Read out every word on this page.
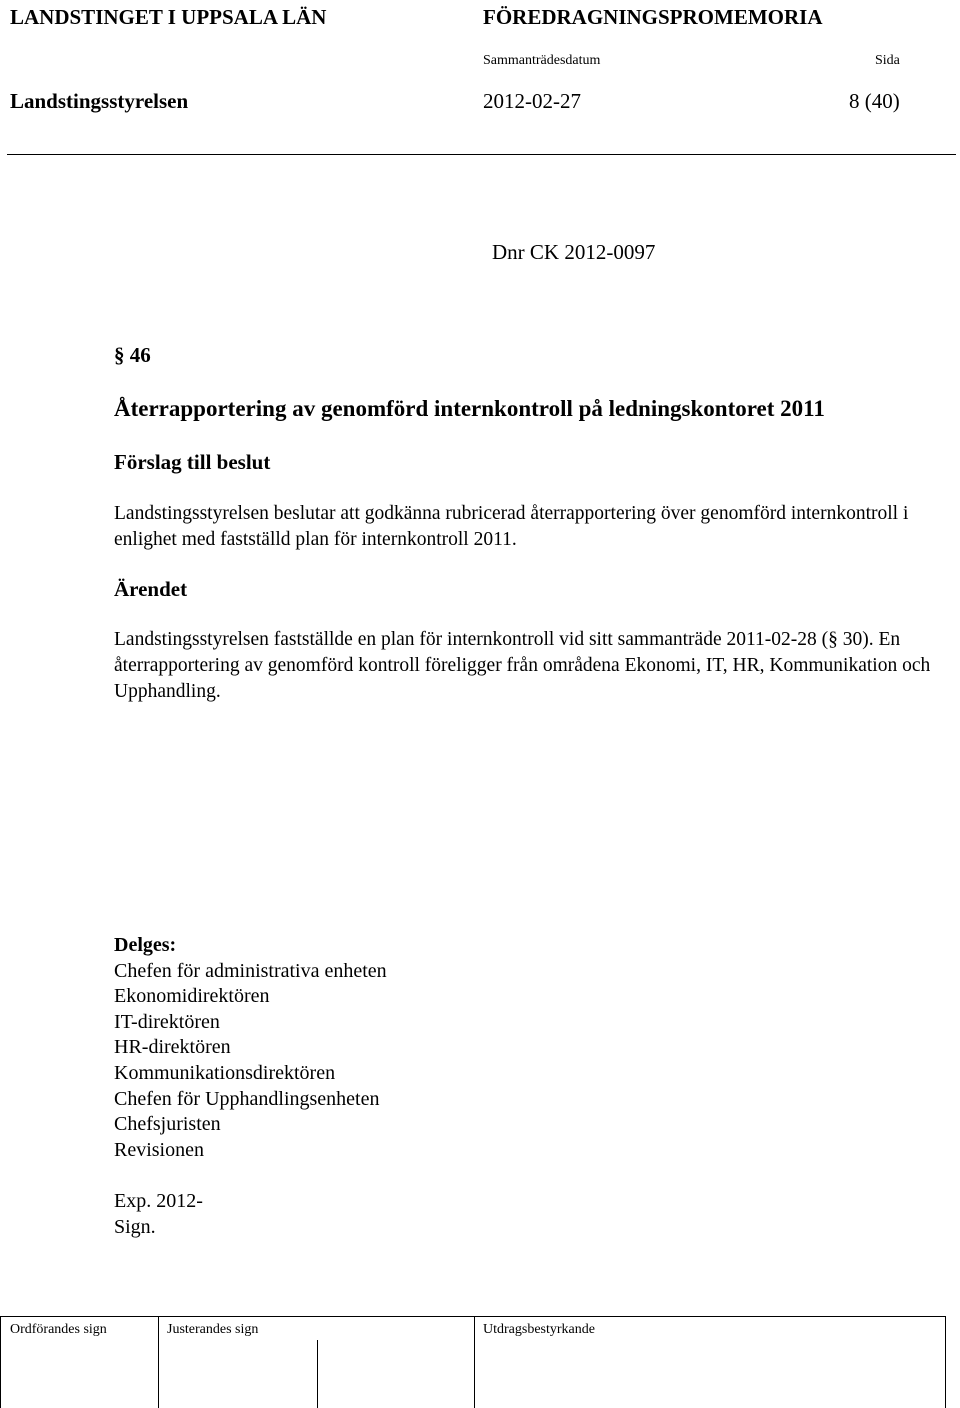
LANDSTINGET I UPPSALA LÄN	FÖREDRAGNINGSPROMEMORIA
Sammanträdesdatum	Sida
Landstingsstyrelsen	2012-02-27	8 (40)
Dnr CK 2012-0097
§ 46
Återrapportering av genomförd internkontroll på ledningskontoret 2011
Förslag till beslut

Landstingsstyrelsen beslutar att godkänna rubricerad återrapportering över genomförd internkontroll i enlighet med fastställd plan för internkontroll 2011.

Ärendet

Landstingsstyrelsen fastställde en plan för internkontroll vid sitt sammanträde 2011-02-28 (§ 30). En återrapportering av genomförd kontroll föreligger från områdena Ekonomi, IT, HR, Kommunikation och Upphandling.

Delges:
Chefen för administrativa enheten
Ekonomidirektören
IT-direktören
HR-direktören
Kommunikationsdirektören
Chefen för Upphandlingsenheten
Chefsjuristen
Revisionen
Exp. 2012-
Sign.
Ordförandes sign	Justerandes sign	Utdragsbestyrkande
